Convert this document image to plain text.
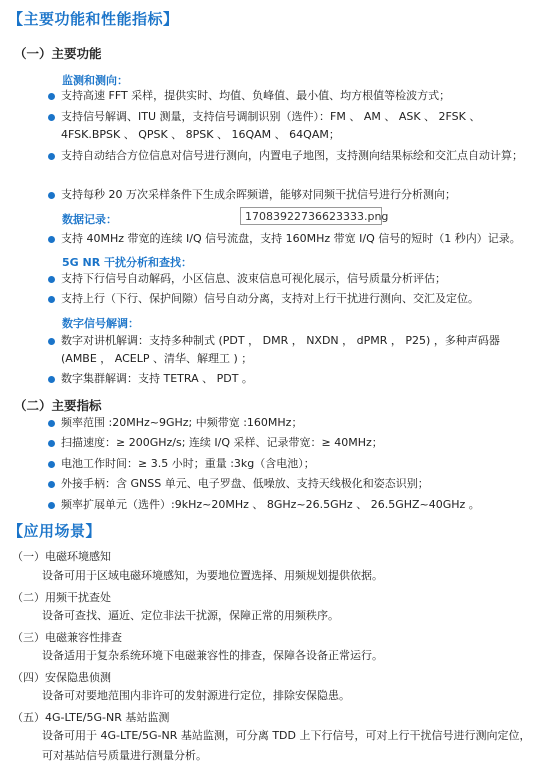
【主要功能和性能指标】
（一）主要功能
监测和测向：
支持高速 FFT 采样，提供实时、均值、负峰值、最小值、均方根值等检波方式；
支持信号解调、ITU 测量，支持信号调制识别（选件）：FM 、 AM 、 ASK 、 2FSK 、 4FSK.BPSK 、 QPSK 、 8PSK 、 16QAM 、 64QAM；
支持自动结合方位信息对信号进行测向，内置电子地图，支持测向结果标绘和交汇点自动计算；
支持每秒 20 万次采样条件下生成余晖频谱，能够对同频干扰信号进行分析测向；
数据记录：	17083922736623333.png
支持 40MHz 带宽的连续 I/Q 信号流盘，支持 160MHz 带宽 I/Q 信号的短时（1 秒内）记录。
5G NR 干扰分析和查找：
支持下行信号自动解码，小区信息、波束信息可视化展示，信号质量分析评估；
支持上行（下行、保护间隙）信号自动分离，支持对上行干扰进行测向、交汇及定位。
数字信号解调：
数字对讲机解调：支持多种制式 (PDT ， DMR ， NXDN ， dPMR ， P25) ，多种声码器 (AMBE ， ACELP 、清华、解理工 ) ；
数字集群解调：支持 TETRA 、 PDT 。
（二）主要指标
频率范围 :20MHz~9GHz; 中频带宽 :160MHz；
扫描速度：≥ 200GHz/s; 连续 I/Q 采样、记录带宽：≥ 40MHz；
电池工作时间：≥ 3.5 小时；重量 :3kg（含电池）；
外接手柄：含 GNSS 单元、电子罗盘、低噪放、支持天线极化和姿态识别；
频率扩展单元（选件）:9kHz~20MHz 、 8GHz~26.5GHz 、 26.5GHZ~40GHz 。
【应用场景】
（一）电磁环境感知
设备可用于区域电磁环境感知，为要地位置选择、用频规划提供依据。
（二）用频干扰查处
设备可查找、逼近、定位非法干扰源，保障正常的用频秩序。
（三）电磁兼容性排查
设备适用于复杂系统环境下电磁兼容性的排查，保障各设备正常运行。
（四）安保隐患侦测
设备可对要地范围内非许可的发射源进行定位，排除安保隐患。
（五）4G-LTE/5G-NR 基站监测
设备可用于 4G-LTE/5G-NR 基站监测，可分离 TDD 上下行信号，可对上行干扰信号进行测向定位，可对基站信号质量进行测量分析。
